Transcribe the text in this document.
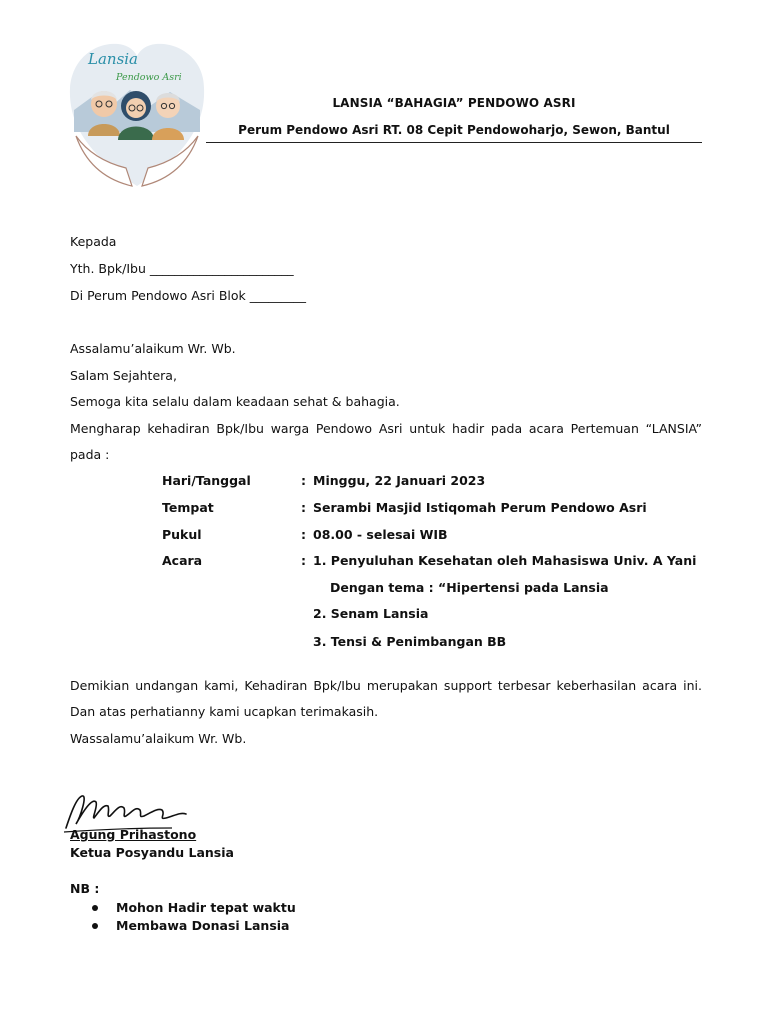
Lansia
Pendowo Asri
LANSIA “BAHAGIA” PENDOWO ASRI
Perum Pendowo Asri RT. 08 Cepit Pendowoharjo, Sewon, Bantul
Kepada
Yth. Bpk/Ibu _______________________
Di Perum Pendowo Asri Blok _________
Assalamu’alaikum Wr. Wb.
Salam Sejahtera,
Semoga kita selalu dalam keadaan sehat & bahagia.
Mengharap kehadiran Bpk/Ibu warga Pendowo Asri untuk hadir pada acara Pertemuan “LANSIA”
pada :
Hari/Tanggal	: Minggu, 22 Januari 2023
Tempat	: Serambi Masjid Istiqomah Perum Pendowo Asri
Pukul	: 08.00 - selesai WIB
Acara	: 1. Penyuluhan Kesehatan oleh Mahasiswa Univ. A Yani
Dengan tema : “Hipertensi pada Lansia
2. Senam Lansia
3. Tensi & Penimbangan BB
Demikian undangan kami, Kehadiran Bpk/Ibu merupakan support terbesar keberhasilan acara ini.
Dan atas perhatianny kami ucapkan terimakasih.
Wassalamu’alaikum Wr. Wb.
Agung Prihastono
Ketua Posyandu Lansia
NB :
Mohon Hadir tepat waktu
Membawa Donasi Lansia
